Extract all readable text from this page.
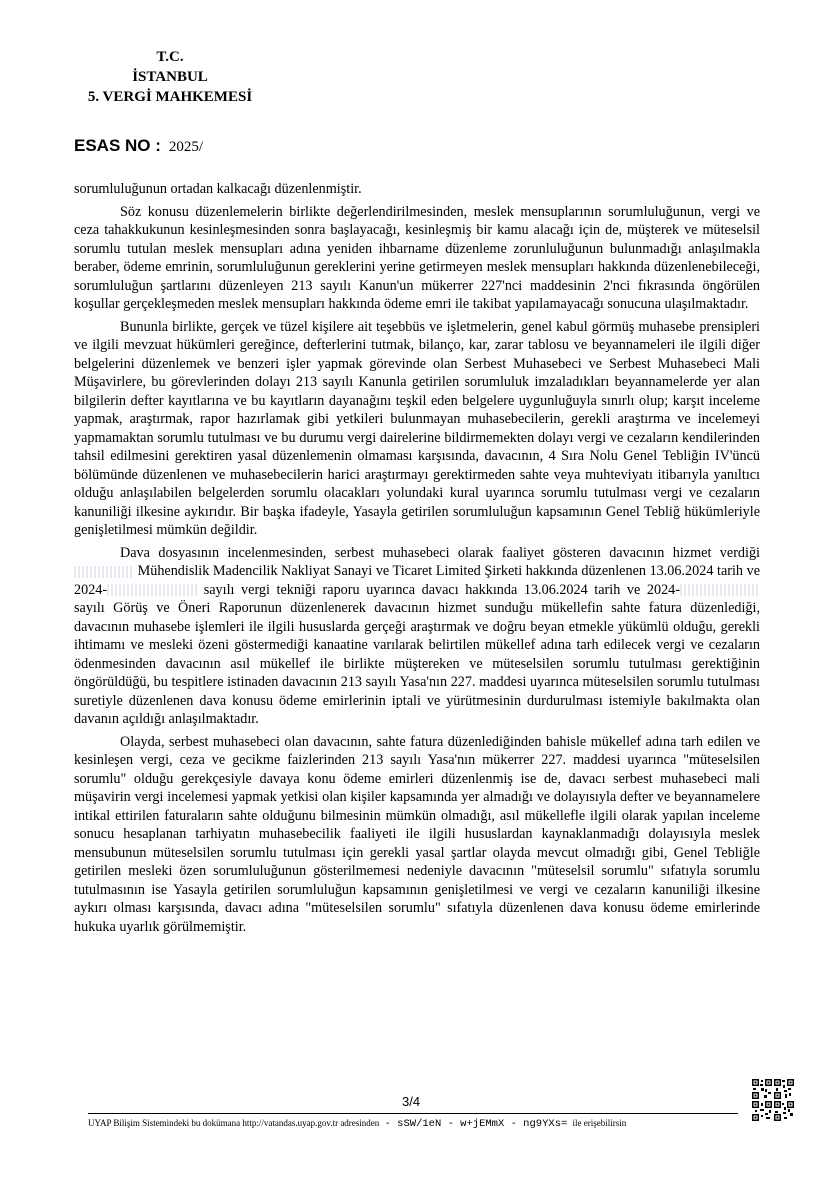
T.C.
İSTANBUL
5. VERGİ MAHKEMESİ
ESAS NO : 2025/

sorumluluğunun ortadan kalkacağı düzenlenmiştir.

Söz konusu düzenlemelerin birlikte değerlendirilmesinden, meslek mensuplarının sorumluluğunun, vergi ve ceza tahakkukunun kesinleşmesinden sonra başlayacağı, kesinleşmiş bir kamu alacağı için de, müşterek ve müteselsil sorumlu tutulan meslek mensupları adına yeniden ihbarname düzenleme zorunluluğunun bulunmadığı anlaşılmakla beraber, ödeme emrinin, sorumluluğunun gereklerini yerine getirmeyen meslek mensupları hakkında düzenlenebileceği, sorumluluğun şartlarını düzenleyen 213 sayılı Kanun'un mükerrer 227'nci maddesinin 2'nci fıkrasında öngörülen koşullar gerçekleşmeden meslek mensupları hakkında ödeme emri ile takibat yapılamayacağı sonucuna ulaşılmaktadır.

Bununla birlikte, gerçek ve tüzel kişilere ait teşebbüs ve işletmelerin, genel kabul görmüş muhasebe prensipleri ve ilgili mevzuat hükümleri gereğince, defterlerini tutmak, bilanço, kar, zarar tablosu ve beyannameleri ile ilgili diğer belgelerini düzenlemek ve benzeri işler yapmak görevinde olan Serbest Muhasebeci ve Serbest Muhasebeci Mali Müşavirlere, bu görevlerinden dolayı 213 sayılı Kanunla getirilen sorumluluk imzaladıkları beyannamelerde yer alan bilgilerin defter kayıtlarına ve bu kayıtların dayanağını teşkil eden belgelere uygunluğuyla sınırlı olup; karşıt inceleme yapmak, araştırmak, rapor hazırlamak gibi yetkileri bulunmayan muhasebecilerin, gerekli araştırma ve incelemeyi yapmamaktan sorumlu tutulması ve bu durumu vergi dairelerine bildirmemekten dolayı vergi ve cezaların kendilerinden tahsil edilmesini gerektiren yasal düzenlemenin olmaması karşısında, davacının, 4 Sıra Nolu Genel Tebliğin IV'üncü bölümünde düzenlenen ve muhasebecilerin harici araştırmayı gerektirmeden sahte veya muhteviyatı itibarıyla yanıltıcı olduğu anlaşılabilen belgelerden sorumlu olacakları yolundaki kural uyarınca sorumlu tutulması vergi ve cezaların kanuniliği ilkesine aykırıdır. Bir başka ifadeyle, Yasayla getirilen sorumluluğun kapsamının Genel Tebliğ hükümleriyle genişletilmesi mümkün değildir.

Dava dosyasının incelenmesinden, serbest muhasebeci olarak faaliyet gösteren davacının hizmet verdiği  Mühendislik Madencilik Nakliyat Sanayi ve Ticaret Limited Şirketi hakkında düzenlenen 13.06.2024 tarih ve 2024-	sayılı vergi tekniği raporu uyarınca davacı hakkında 13.06.2024 tarih ve 2024- sayılı Görüş ve Öneri Raporunun düzenlenerek davacının hizmet sunduğu mükellefin sahte fatura düzenlediği, davacının muhasebe işlemleri ile ilgili hususlarda gerçeği araştırmak ve doğru beyan etmekle yükümlü olduğu, gerekli ihtimamı ve mesleki özeni göstermediği kanaatine varılarak belirtilen mükellef adına tarh edilecek vergi ve cezaların ödenmesinden davacının asıl mükellef ile birlikte müştereken ve müteselsilen sorumlu tutulması gerektiğinin öngörüldüğü, bu tespitlere istinaden davacının 213 sayılı Yasa'nın 227. maddesi uyarınca müteselsilen sorumlu tutulması suretiyle düzenlenen dava konusu ödeme emirlerinin iptali ve yürütmesinin durdurulması istemiyle bakılmakta olan davanın açıldığı anlaşılmaktadır.

Olayda, serbest muhasebeci olan davacının, sahte fatura düzenlediğinden bahisle mükellef adına tarh edilen ve kesinleşen vergi, ceza ve gecikme faizlerinden 213 sayılı Yasa'nın mükerrer 227. maddesi uyarınca "müteselsilen sorumlu" olduğu gerekçesiyle davaya konu ödeme emirleri düzenlenmiş ise de, davacı serbest muhasebeci mali müşavirin vergi incelemesi yapmak yetkisi olan kişiler kapsamında yer almadığı ve dolayısıyla defter ve beyannamelere intikal ettirilen faturaların sahte olduğunu bilmesinin mümkün olmadığı, asıl mükellefle ilgili olarak yapılan inceleme sonucu hesaplanan tarhiyatın muhasebecilik faaliyeti ile ilgili hususlardan kaynaklanmadığı dolayısıyla meslek mensubunun müteselsilen sorumlu tutulması için gerekli yasal şartlar olayda mevcut olmadığı gibi, Genel Tebliğle getirilen mesleki özen sorumluluğunun gösterilmemesi nedeniyle davacının "müteselsil sorumlu" sıfatıyla sorumlu tutulmasının ise Yasayla getirilen sorumluluğun kapsamının genişletilmesi ve vergi ve cezaların kanuniliği ilkesine aykırı olması karşısında, davacı adına "müteselsilen sorumlu" sıfatıyla düzenlenen dava konusu ödeme emirlerinde hukuka uyarlık görülmemiştir.

3/4
UYAP Bilişim Sistemindeki bu dokümana http://vatandas.uyap.gov.tr adresinden - sSW/1eN - w+jEMmX - ng9YXs= ile erişebilirsin
